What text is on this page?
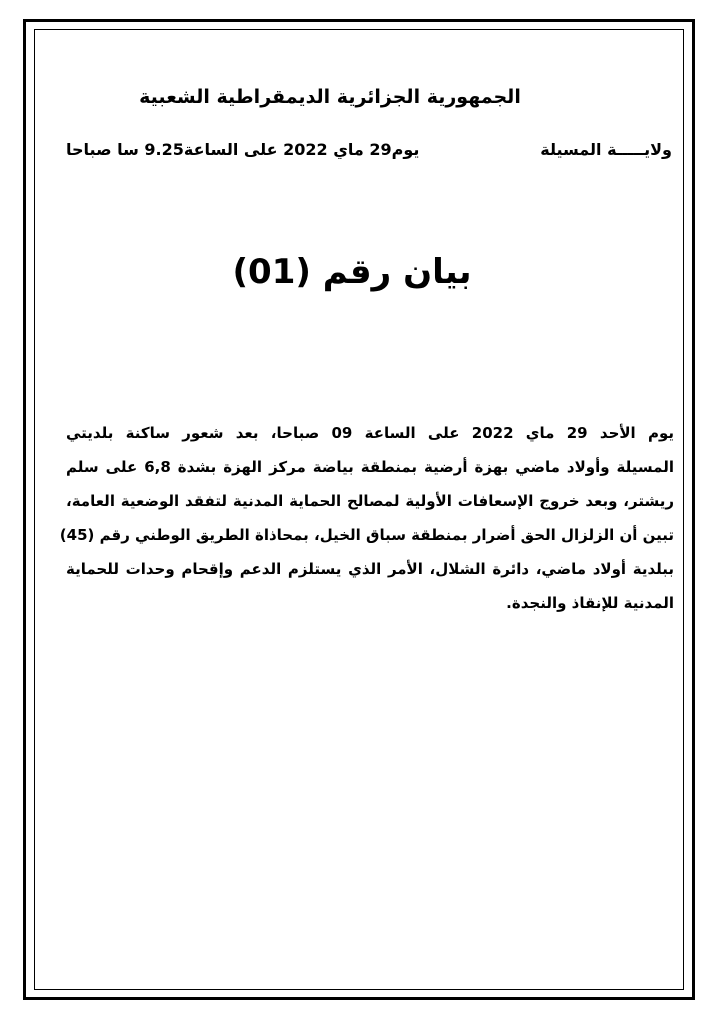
الجمهورية الجزائرية الديمقراطية الشعبية
ولايـــــة المسيلة
يوم29 ماي 2022 على الساعة9.25 سا صباحا
بيان رقم (01)
يوم الأحد 29 ماي 2022 على الساعة 09 صباحا، بعد شعور ساكنة بلديتي
المسيلة وأولاد ماضي بهزة أرضية بمنطقة بياضة مركز الهزة بشدة 6,8 على سلم
ريشتر، وبعد خروج الإسعافات الأولية لمصالح الحماية المدنية لتفقد الوضعية العامة،
تبين أن الزلزال الحق أضرار بمنطقة سباق الخيل، بمحاذاة الطريق الوطني رقم (45)
ببلدية أولاد ماضي، دائرة الشلال، الأمر الذي يستلزم الدعم وإقحام وحدات للحماية
المدنية للإنقاذ والنجدة.
